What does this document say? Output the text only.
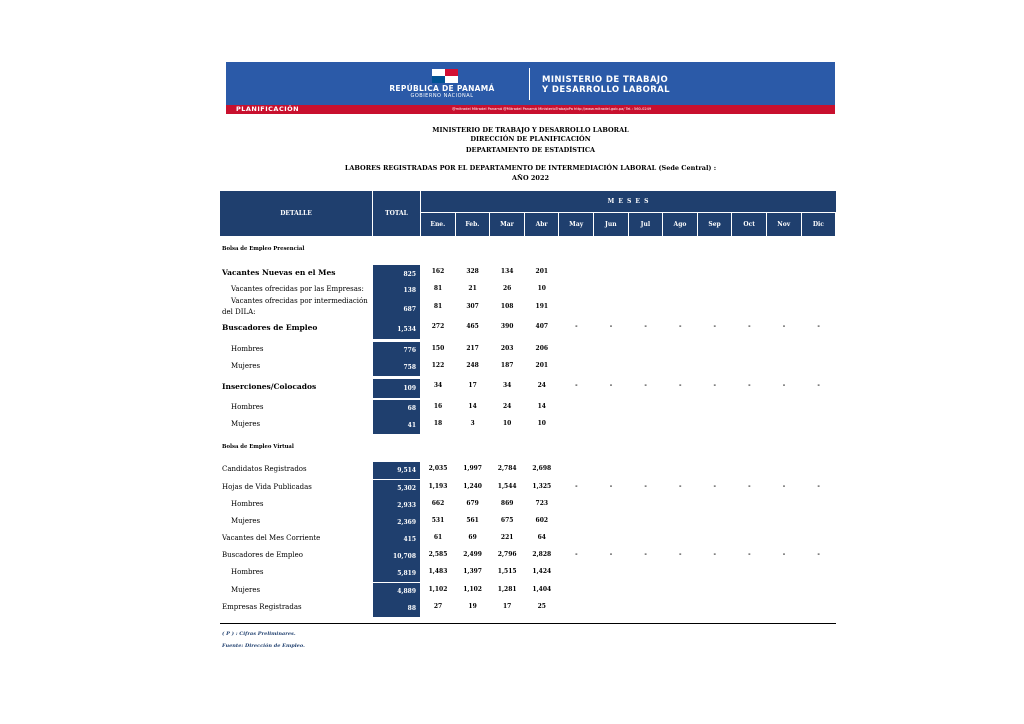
REPÚBLICA DE PANAMÁ
GOBIERNO NACIONAL
MINISTERIO DE TRABAJO
Y DESARROLLO LABORAL
PLANIFICACIÓN	@mitradel Mitradel Panamá @Mitradel Panamá MinisterioTrabajoPa http://www.mitradel.gob.pa/ Tel.: 560-0249
MINISTERIO DE TRABAJO Y DESARROLLO LABORAL
DIRECCIÓN DE PLANIFICACIÓN
DEPARTAMENTO DE ESTADÍSTICA
LABORES REGISTRADAS POR EL DEPARTAMENTO DE INTERMEDIACIÓN LABORAL (Sede Central) :
AÑO 2022
DETALLE	TOTAL
M E S E S
Ene.	Feb.	Mar	Abr	May	Jun	Jul	Ago	Sep	Oct	Nov	Dic
Bolsa de Empleo Presencial
Vacantes Nuevas en el Mes	825	162	328	134	201
Vacantes ofrecidas por las Empresas:	138	81	21	26	10
Vacantes ofrecidas por intermediación
del DILA:	687	81	307	108	191
Buscadores de Empleo	1,534	272	465	390	407	-	-	-	-	-	-	-	-
Hombres	776	150	217	203	206
Mujeres	758	122	248	187	201
Inserciones/Colocados	109	34	17	34	24	-	-	-	-	-	-	-	-
Hombres	68	16	14	24	14
Mujeres	41	18	3	10	10
Bolsa de Empleo Virtual
Candidatos Registrados	9,514	2,035	1,997	2,784	2,698
Hojas de Vida Publicadas	5,302	1,193	1,240	1,544	1,325	-	-	-	-	-	-	-	-
Hombres	2,933	662	679	869	723
Mujeres	2,369	531	561	675	602
Vacantes del Mes Corriente	415	61	69	221	64
Buscadores de Empleo	10,708	2,585	2,499	2,796	2,828	-	-	-	-	-	-	-	-
Hombres	5,819	1,483	1,397	1,515	1,424
Mujeres	4,889	1,102	1,102	1,281	1,404
Empresas Registradas	88	27	19	17	25
( P ) : Cifras Preliminares.
Fuente: Dirección de Empleo.
